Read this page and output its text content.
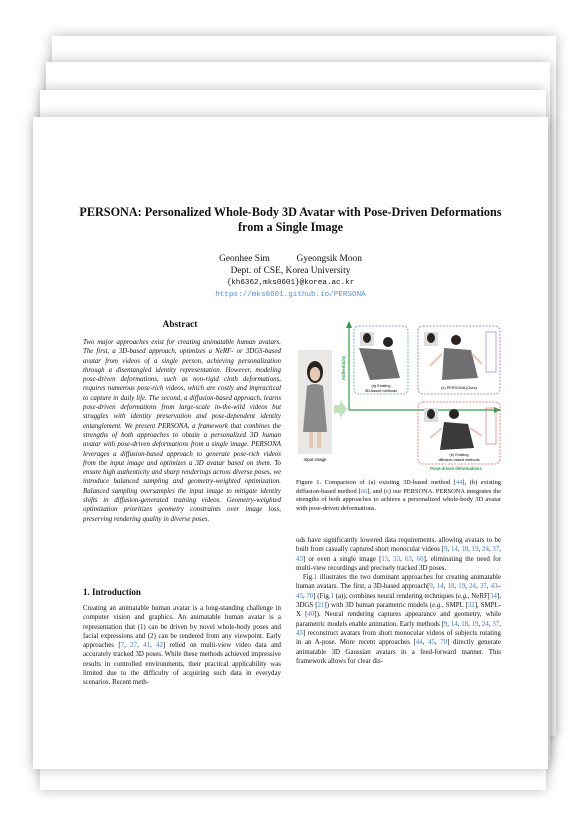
PERSONA: Personalized Whole-Body 3D Avatar with Pose-Driven Deformations
from a Single Image
Geonhee Sim	Gyeongsik Moon
Dept. of CSE, Korea University
{kh6362,mks0601}@korea.ac.kr
https://mks0601.github.io/PERSONA
Abstract
Two major approaches exist for creating animatable human avatars. The first, a 3D-based approach, optimizes a NeRF- or 3DGS-based avatar from videos of a single person, achieving personalization through a disentangled identity representation. However, modeling pose-driven deformations, such as non-rigid cloth deformations, requires numerous pose-rich videos, which are costly and impractical to capture in daily life. The second, a diffusion-based approach, learns pose-driven deformations from large-scale in-the-wild videos but struggles with identity preservation and pose-dependent identity entanglement. We present PERSONA, a framework that combines the strengths of both approaches to obtain a personalized 3D human avatar with pose-driven deformations from a single image. PERSONA leverages a diffusion-based approach to generate pose-rich videos from the input image and optimizes a 3D avatar based on them. To ensure high authenticity and sharp renderings across diverse poses, we introduce balanced sampling and geometry-weighted optimization. Balanced sampling oversamples the input image to mitigate identity shifts in diffusion-generated training videos. Geometry-weighted optimization prioritizes geometry constraints over image loss, preserving rendering quality in diverse poses.
1. Introduction
Creating an animatable human avatar is a long-standing challenge in computer vision and graphics. An animatable human avatar is a representation that (1) can be driven by novel whole-body poses and facial expressions and (2) can be rendered from any viewpoint. Early approaches [7, 27, 41, 42] relied on multi-view video data and accurately tracked 3D poses. While these methods achieved impressive results in controlled environments, their practical applicability was limited due to the difficulty of acquiring such data in everyday scenarios. Recent meth-
Authenticity
Pose-driven deformations
Input image
(a) Existing
3D-based methods
(c) PERSONA (Ours)
(b) Existing
diffusion-based methods
Figure 1. Comparison of (a) existing 3D-based method [44], (b) existing diffusion-based method [66], and (c) our PERSONA. PERSONA integrates the strengths of both approaches to achieve a personalized whole-body 3D avatar with pose-driven deformations.
ods have significantly lowered data requirements, allowing avatars to be built from casually captured short monocular videos [9, 14, 18, 19, 24, 37, 43] or even a single image [15, 33, 63, 66], eliminating the need for multi-view recordings and precisely tracked 3D poses.
 Fig.1 illustrates the two dominant approaches for creating animatable human avatars. The first, a 3D-based approach[9, 14, 18, 19, 24, 37, 43–45, 70] (Fig.1 (a)), combines neural rendering techniques (e.g., NeRF[34], 3DGS [21]) with 3D human parametric models (e.g., SMPL [32], SMPL-X [40]). Neural rendering captures appearance and geometry, while parametric models enable animation. Early methods [9, 14, 18, 19, 24, 37, 43] reconstruct avatars from short monocular videos of subjects rotating in an A-pose. More recent approaches [44, 45, 70] directly generate animatable 3D Gaussian avatars in a feed-forward manner. This framework allows for clear dis-
